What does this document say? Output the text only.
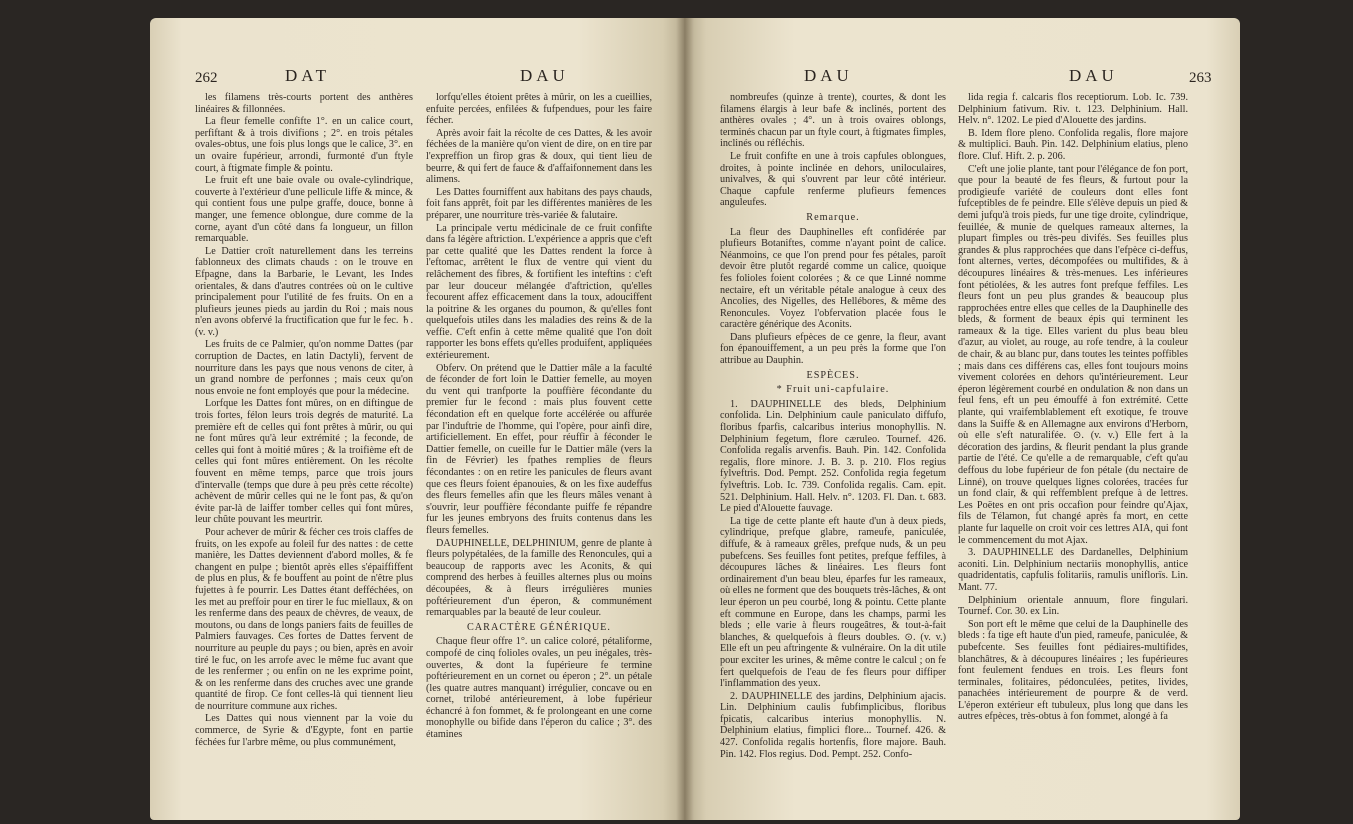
262	DAT	DAU

les filamens très-courts portent des anthères linéaires & fillonnées.

La fleur femelle confifte 1°. en un calice court, perfiftant & à trois divifions ; 2°. en trois pétales ovales-obtus, une fois plus longs que le calice, 3°. en un ovaire fupérieur, arrondi, furmonté d'un ftyle court, à ftigmate fimple & pointu.

Le fruit eft une baie ovale ou ovale-cylindrique, couverte à l'extérieur d'une pellicule liffe & mince, & qui contient fous une pulpe graffe, douce, bonne à manger, une femence oblongue, dure comme de la corne, ayant d'un côté dans fa longueur, un fillon remarquable.

Le Dattier croît naturellement dans les terreins fablonneux des climats chauds : on le trouve en Efpagne, dans la Barbarie, le Levant, les Indes orientales, & dans d'autres contrées où on le cultive principalement pour l'utilité de fes fruits. On en a plufieurs jeunes pieds au jardin du Roi ; mais nous n'en avons obfervé la fructification que fur le fec. ♄. (v. v.)

Les fruits de ce Palmier, qu'on nomme Dattes (par corruption de Dactes, en latin Dactyli), fervent de nourriture dans les pays que nous venons de citer, à un grand nombre de perfonnes ; mais ceux qu'on nous envoie ne font employés que pour la médecine.

Lorfque les Dattes font mûres, on en diftingue de trois fortes, félon leurs trois degrés de maturité. La première eft de celles qui font prêtes à mûrir, ou qui ne font mûres qu'à leur extrémité ; la feconde, de celles qui font à moitié mûres ; & la troifième eft de celles qui font mûres entièrement. On les récolte fouvent en même temps, parce que trois jours d'intervalle (temps que dure à peu près cette récolte) achèvent de mûrir celles qui ne le font pas, & qu'on évite par-là de laiffer tomber celles qui font mûres, leur chûte pouvant les meurtrir.

Pour achever de mûrir & fécher ces trois claffes de fruits, on les expofe au foleil fur des nattes : de cette manière, les Dattes deviennent d'abord molles, & fe changent en pulpe ; bientôt après elles s'épaiffiffent de plus en plus, & fe bouffent au point de n'être plus fujettes à fe pourrir. Les Dattes étant defféchées, on les met au preffoir pour en tirer le fuc miellaux, & on les renferme dans des peaux de chèvres, de veaux, de moutons, ou dans de longs paniers faits de feuilles de Palmiers fauvages. Ces fortes de Dattes fervent de nourriture au peuple du pays ; ou bien, après en avoir tiré le fuc, on les arrofe avec le même fuc avant que de les renfermer ; ou enfin on ne les exprime point, & on les renferme dans des cruches avec une grande quantité de firop. Ce font celles-là qui tiennent lieu de nourriture commune aux riches.

Les Dattes qui nous viennent par la voie du commerce, de Syrie & d'Egypte, font en partie féchées fur l'arbre même, ou plus communément,

lorfqu'elles étoient prêtes à mûrir, on les a cueillies, enfuite percées, enfilées & fufpendues, pour les faire fécher.

Après avoir fait la récolte de ces Dattes, & les avoir féchées de la manière qu'on vient de dire, on en tire par l'expreffion un firop gras & doux, qui tient lieu de beurre, & qui fert de fauce & d'affaifonnement dans les alimens.

Les Dattes fourniffent aux habitans des pays chauds, foit fans apprêt, foit par les différentes manières de les préparer, une nourriture très-variée & falutaire.

La principale vertu médicinale de ce fruit confifte dans fa légère aftriction. L'expérience a appris que c'eft par cette qualité que les Dattes rendent la force à l'eftomac, arrêtent le flux de ventre qui vient du relâchement des fibres, & fortifient les inteftins : c'eft par leur douceur mélangée d'aftriction, qu'elles fecourent affez efficacement dans la toux, adouciffent la poitrine & les organes du poumon, & qu'elles font quelquefois utiles dans les maladies des reins & de la veffie. C'eft enfin à cette même qualité que l'on doit rapporter les bons effets qu'elles produifent, appliquées extérieurement.

Obferv. On prétend que le Dattier mâle a la faculté de féconder de fort loin le Dattier femelle, au moyen du vent qui tranfporte la pouffière fécondante du premier fur le fecond : mais plus fouvent cette fécondation eft en quelque forte accélérée ou affurée par l'induftrie de l'homme, qui l'opère, pour ainfi dire, artificiellement. En effet, pour réuffir à féconder le Dattier femelle, on cueille fur le Dattier mâle (vers la fin de Février) les fpathes remplies de fleurs fécondantes : on en retire les panicules de fleurs avant que ces fleurs foient épanouies, & on les fixe audeffus des fleurs femelles afin que les fleurs mâles venant à s'ouvrir, leur pouffière fécondante puiffe fe répandre fur les jeunes embryons des fruits contenus dans les fleurs femelles.

DAUPHINELLE, DELPHINIUM, genre de plante à fleurs polypétalées, de la famille des Renoncules, qui a beaucoup de rapports avec les Aconits, & qui comprend des herbes à feuilles alternes plus ou moins découpées, & à fleurs irrégulières munies poftérieurement d'un éperon, & communément remarquables par la beauté de leur couleur.

CARACTÈRE GÉNÉRIQUE.

Chaque fleur offre 1°. un calice coloré, pétaliforme, compofé de cinq folioles ovales, un peu inégales, très-ouvertes, & dont la fupérieure fe termine poftérieurement en un cornet ou éperon ; 2°. un pétale (les quatre autres manquant) irrégulier, concave ou en cornet, trilobé antérieurement, à lobe fupérieur échancré à fon fommet, & fe prolongeant en une corne monophylle ou bifide dans l'éperon du calice ; 3°. des étamines

DAU	DAU	263

nombreufes (quinze à trente), courtes, & dont les filamens élargis à leur bafe & inclinés, portent des anthères ovales ; 4°. un à trois ovaires oblongs, terminés chacun par un ftyle court, à ftigmates fimples, inclinés ou réfléchis.

Le fruit confifte en une à trois capfules oblongues, droites, à pointe inclinée en dehors, uniloculaires, univalves, & qui s'ouvrent par leur côté intérieur. Chaque capfule renferme plufieurs femences anguleufes.

Remarque.

La fleur des Dauphinelles eft confidérée par plufieurs Botaniftes, comme n'ayant point de calice. Néanmoins, ce que l'on prend pour fes pétales, paroît devoir être plutôt regardé comme un calice, quoique fes folioles foient colorées ; & ce que Linné nomme nectaire, eft un véritable pétale analogue à ceux des Ancolies, des Nigelles, des Hellébores, & même des Renoncules. Voyez l'obfervation placée fous le caractère générique des Aconits.

Dans plufieurs efpèces de ce genre, la fleur, avant fon épanouiffement, a un peu près la forme que l'on attribue au Dauphin.

ESPÈCES.

* Fruit uni-capfulaire.

1. DAUPHINELLE des bleds, Delphinium confolida. Lin. Delphinium caule paniculato diffufo, floribus fparfis, calcaribus interius monophyllis. N. Delphinium fegetum, flore cæruleo. Tournef. 426. Confolida regalis arvenfis. Bauh. Pin. 142. Confolida regalis, flore minore. J. B. 3. p. 210. Flos regius fylveftris. Dod. Pempt. 252. Confolida regia fegetum fylveftris. Lob. Ic. 739. Confolida regalis. Cam. epit. 521. Delphinium. Hall. Helv. n°. 1203. Fl. Dan. t. 683. Le pied d'Alouette fauvage.

La tige de cette plante eft haute d'un à deux pieds, cylindrique, prefque glabre, rameufe, paniculée, diffufe, & à rameaux grêles, prefque nuds, & un peu pubefcens. Ses feuilles font petites, prefque feffiles, à découpures lâches & linéaires. Les fleurs font ordinairement d'un beau bleu, éparfes fur les rameaux, où elles ne forment que des bouquets très-lâches, & ont leur éperon un peu courbé, long & pointu. Cette plante eft commune en Europe, dans les champs, parmi les bleds ; elle varie à fleurs rougeâtres, & tout-à-fait blanches, & quelquefois à fleurs doubles. ⊙. (v. v.) Elle eft un peu aftringente & vulnéraire. On la dit utile pour exciter les urines, & même contre le calcul ; on fe fert quelquefois de l'eau de fes fleurs pour diffiper l'inflammation des yeux.

2. DAUPHINELLE des jardins, Delphinium ajacis. Lin. Delphinium caulis fubfimplicibus, floribus fpicatis, calcaribus interius monophyllis. N. Delphinium elatius, fimplici flore... Tournef. 426. & 427. Confolida regalis hortenfis, flore majore. Bauh. Pin. 142. Flos regius. Dod. Pempt. 252. Confo-

lida regia f. calcaris flos receptiorum. Lob. Ic. 739. Delphinium fativum. Riv. t. 123. Delphinium. Hall. Helv. n°. 1202. Le pied d'Alouette des jardins.

B. Idem flore pleno. Confolida regalis, flore majore & multiplici. Bauh. Pin. 142. Delphinium elatius, pleno flore. Cluf. Hift. 2. p. 206.

C'eft une jolie plante, tant pour l'élégance de fon port, que pour la beauté de fes fleurs, & furtout pour la prodigieufe variété de couleurs dont elles font fufceptibles de fe peindre. Elle s'élève depuis un pied & demi jufqu'à trois pieds, fur une tige droite, cylindrique, feuillée, & munie de quelques rameaux alternes, la plupart fimples ou très-peu divifés. Ses feuilles plus grandes & plus rapprochées que dans l'efpèce ci-deffus, font alternes, vertes, décompofées ou multifides, & à découpures linéaires & très-menues. Les inférieures font pétiolées, & les autres font prefque feffiles. Les fleurs font un peu plus grandes & beaucoup plus rapprochées entre elles que celles de la Dauphinelle des bleds, & forment de beaux épis qui terminent les rameaux & la tige. Elles varient du plus beau bleu d'azur, au violet, au rouge, au rofe tendre, à la couleur de chair, & au blanc pur, dans toutes les teintes poffibles ; mais dans ces différens cas, elles font toujours moins vivement colorées en dehors qu'intérieurement. Leur éperon légèrement courbé en ondulation & non dans un feul fens, eft un peu émouffé à fon extrémité. Cette plante, qui vraifemblablement eft exotique, fe trouve dans la Suiffe & en Allemagne aux environs d'Herborn, où elle s'eft naturalifée. ⊙. (v. v.) Elle fert à la décoration des jardins, & fleurit pendant la plus grande partie de l'été. Ce qu'elle a de remarquable, c'eft qu'au deffous du lobe fupérieur de fon pétale (du nectaire de Linné), on trouve quelques lignes colorées, tracées fur un fond clair, & qui reffemblent prefque à de lettres. Les Poëtes en ont pris occafion pour feindre qu'Ajax, fils de Télamon, fut changé après fa mort, en cette plante fur laquelle on croit voir ces lettres AIA, qui font le commencement du mot Ajax.

3. DAUPHINELLE des Dardanelles, Delphinium aconiti. Lin. Delphinium nectariis monophyllis, antice quadridentatis, capfulis folitariis, ramulis uniflorïs. Lin. Mant. 77.

Delphinium orientale annuum, flore fingulari. Tournef. Cor. 30. ex Lin.

Son port eft le même que celui de la Dauphinelle des bleds : fa tige eft haute d'un pied, rameufe, paniculée, & pubefcente. Ses feuilles font pédiaires-multifides, blanchâtres, & à découpures linéaires ; les fupérieures font feulement fendues en trois. Les fleurs font terminales, folitaires, pédonculées, petites, livides, panachées intérieurement de pourpre & de verd. L'éperon extérieur eft tubuleux, plus long que dans les autres efpèces, très-obtus à fon fommet, alongé à fa
